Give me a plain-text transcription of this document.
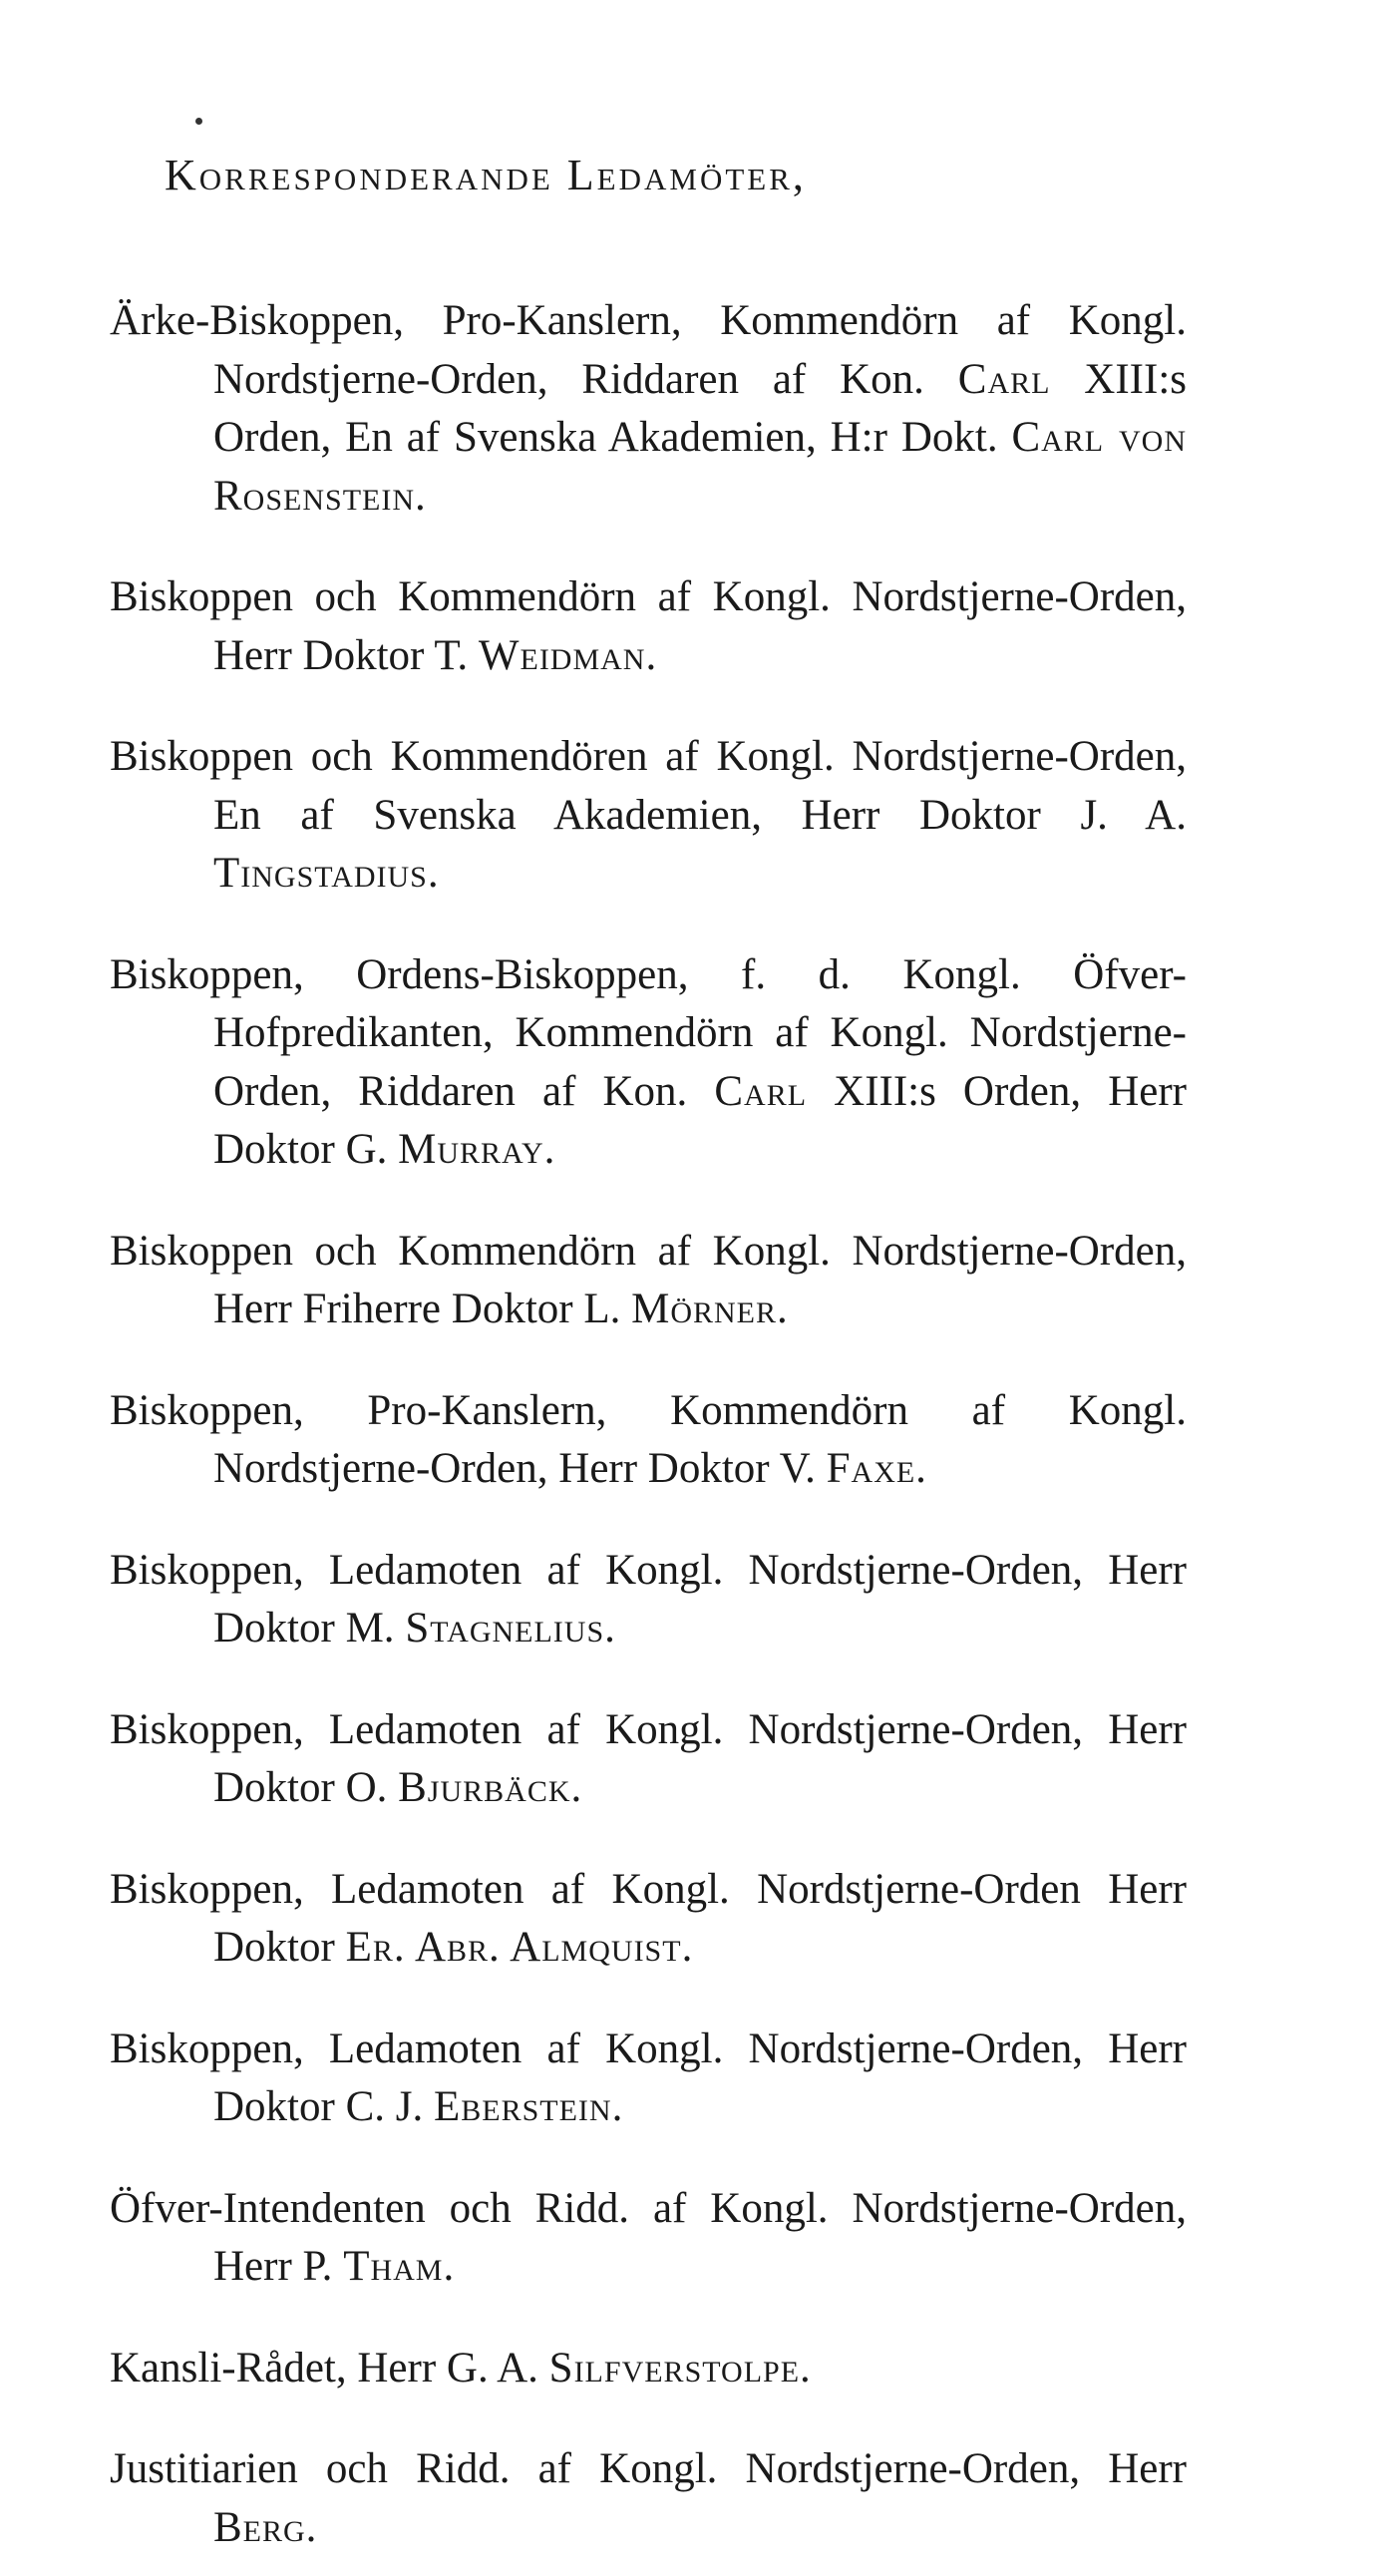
Korresponderande Ledamöter,

Ärke-Biskoppen, Pro-Kanslern, Kommendörn af Kongl. Nordstjerne-Orden, Riddaren af Kon. Carl XIII:s Orden, En af Svenska Akademien, H:r Dokt. Carl von Rosenstein.

Biskoppen och Kommendörn af Kongl. Nordstjerne-Orden, Herr Doktor T. Weidman.

Biskoppen och Kommendören af Kongl. Nordstjerne-Orden, En af Svenska Akademien, Herr Doktor J. A. Tingstadius.

Biskoppen, Ordens-Biskoppen, f. d. Kongl. Öfver-Hofpredikanten, Kommendörn af Kongl. Nordstjerne-Orden, Riddaren af Kon. Carl XIII:s Orden, Herr Doktor G. Murray.

Biskoppen och Kommendörn af Kongl. Nordstjerne-Orden, Herr Friherre Doktor L. Mörner.

Biskoppen, Pro-Kanslern, Kommendörn af Kongl. Nordstjerne-Orden, Herr Doktor V. Faxe.

Biskoppen, Ledamoten af Kongl. Nordstjerne-Orden, Herr Doktor M. Stagnelius.

Biskoppen, Ledamoten af Kongl. Nordstjerne-Orden, Herr Doktor O. Bjurbäck.

Biskoppen, Ledamoten af Kongl. Nordstjerne-Orden Herr Doktor Er. Abr. Almquist.

Biskoppen, Ledamoten af Kongl. Nordstjerne-Orden, Herr Doktor C. J. Eberstein.

Öfver-Intendenten och Ridd. af Kongl. Nordstjerne-Orden, Herr P. Tham.

Kansli-Rådet, Herr G. A. Silfverstolpe.

Justitiarien och Ridd. af Kongl. Nordstjerne-Orden, Herr Berg.
